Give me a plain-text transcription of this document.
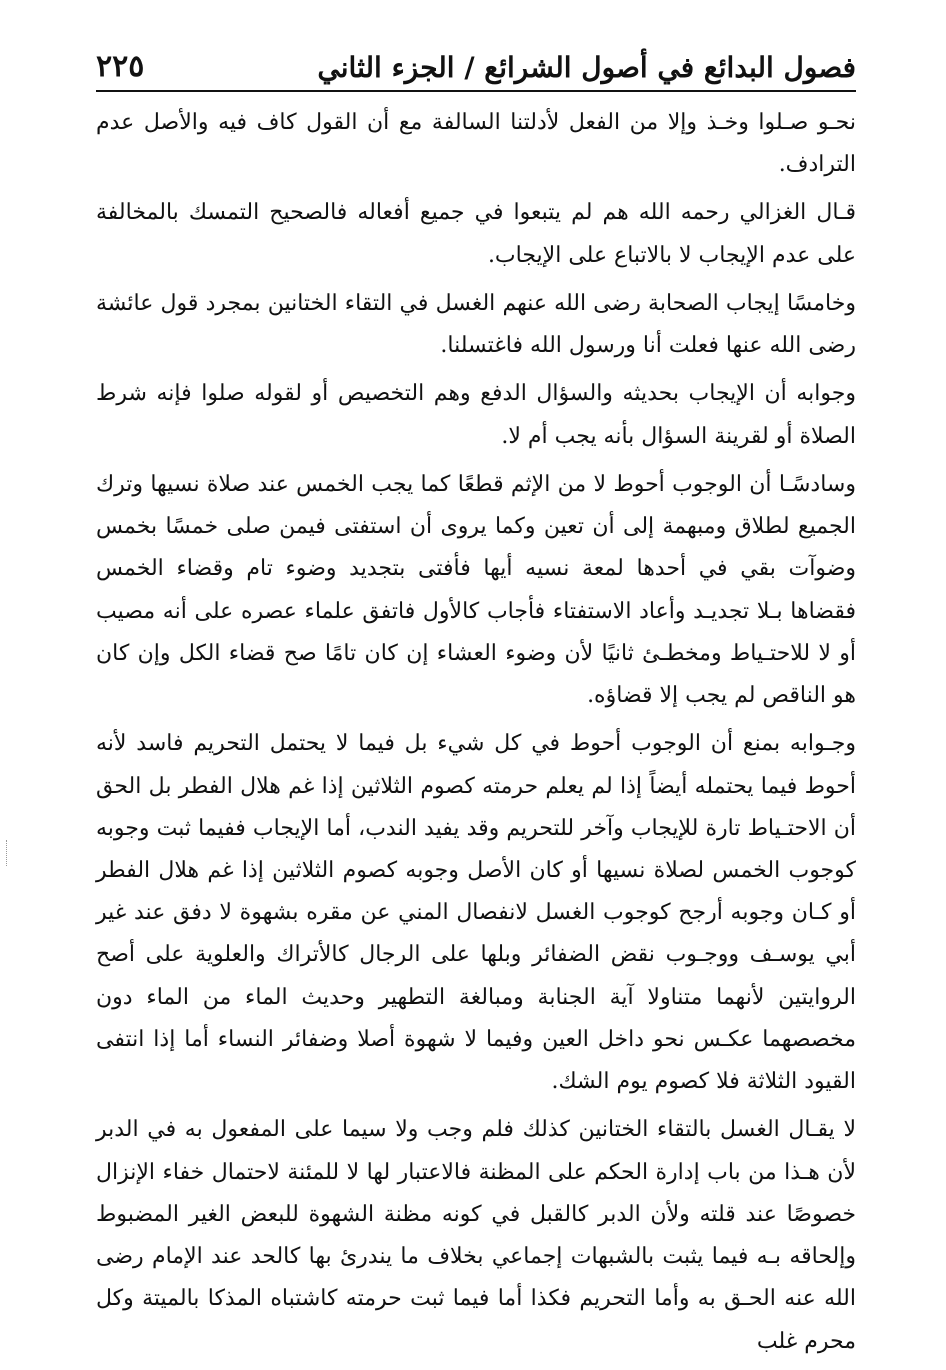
فصول البدائع في أصول الشرائع / الجزء الثاني
٢٢٥

نحـو صـلوا وخـذ وإلا من الفعل لأدلتنا السالفة مع أن القول كاف فيه والأصل عدم الترادف.

قـال الغزالي رحمه الله هم لم يتبعوا في جميع أفعاله فالصحيح التمسك بالمخالفة على عدم الإيجاب لا بالاتباع على الإيجاب.

وخامسًا إيجاب الصحابة رضى الله عنهم الغسل في التقاء الختانين بمجرد قول عائشة رضى الله عنها فعلت أنا ورسول الله فاغتسلنا.

وجوابه أن الإيجاب بحديثه والسؤال الدفع وهم التخصيص أو لقوله صلوا فإنه شرط الصلاة أو لقرينة السؤال بأنه يجب أم لا.

وسادسًـا أن الوجوب أحوط لا من الإثم قطعًا كما يجب الخمس عند صلاة نسيها وترك الجميع لطلاق ومبهمة إلى أن تعين وكما يروى أن استفتى فيمن صلى خمسًا بخمس وضوآت بقي في أحدها لمعة نسيه أيها فأفتى بتجديد وضوء تام وقضاء الخمس فقضاها بـلا تجديـد وأعاد الاستفتاء فأجاب كالأول فاتفق علماء عصره على أنه مصيب أو لا للاحتـياط ومخطـئ ثانيًا لأن وضوء العشاء إن كان تامًا صح قضاء الكل وإن كان هو الناقص لم يجب إلا قضاؤه.

وجـوابه بمنع أن الوجوب أحوط في كل شيء بل فيما لا يحتمل التحريم فاسد لأنه أحوط فيما يحتمله أيضاً إذا لم يعلم حرمته كصوم الثلاثين إذا غم هلال الفطر بل الحق أن الاحتـياط تارة للإيجاب وآخر للتحريم وقد يفيد الندب، أما الإيجاب ففيما ثبت وجوبه كوجوب الخمس لصلاة نسيها أو كان الأصل وجوبه كصوم الثلاثين إذا غم هلال الفطر أو كـان وجوبه أرجح كوجوب الغسل لانفصال المني عن مقره بشهوة لا دفق عند غير أبي يوسـف ووجـوب نقض الضفائر وبلها على الرجال كالأتراك والعلوية على أصح الروايتين لأنهما متناولا آية الجنابة ومبالغة التطهير وحديث الماء من الماء دون مخصصهما عكـس نحو داخل العين وفيما لا شهوة أصلا وضفائر النساء أما إذا انتفى القيود الثلاثة فلا كصوم يوم الشك.

لا يقـال الغسل بالتقاء الختانين كذلك فلم وجب ولا سيما على المفعول به في الدبر لأن هـذا من باب إدارة الحكم على المظنة فالاعتبار لها لا للمئنة لاحتمال خفاء الإنزال خصوصًا عند قلته ولأن الدبر كالقبل في كونه مظنة الشهوة للبعض الغير المضبوط وإلحاقه بـه فيما يثبت بالشبهات إجماعي بخلاف ما يندرئ بها كالحد عند الإمام رضى الله عنه الحـق به وأما التحريم فكذا أما فيما ثبت حرمته كاشتباه المذكا بالميتة وكل محرم غلب
